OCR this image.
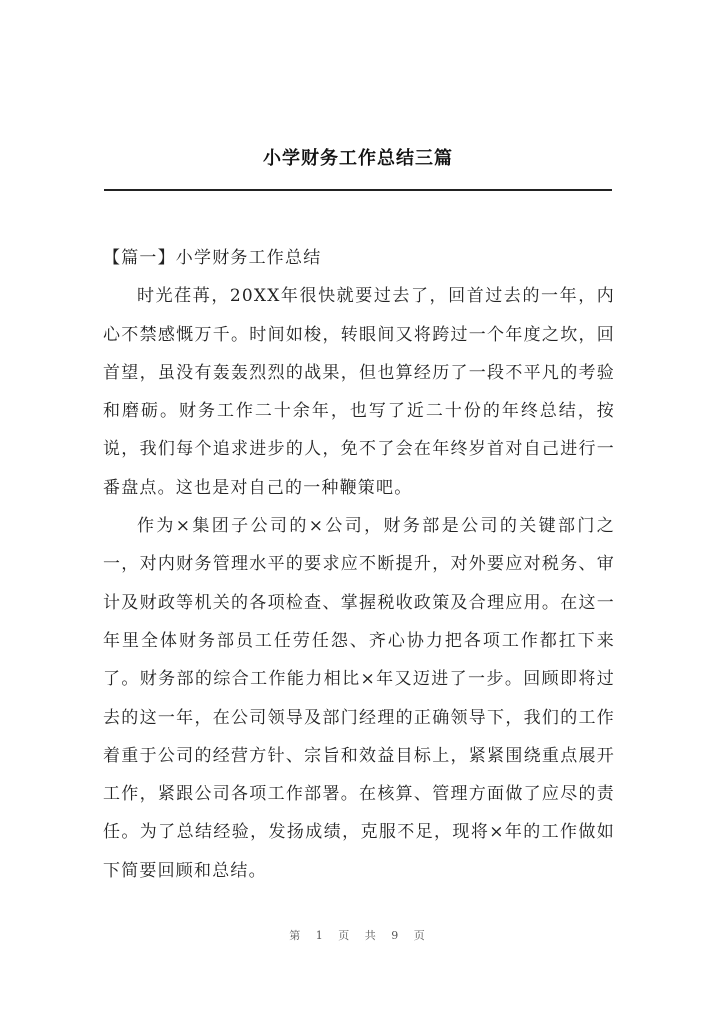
小学财务工作总结三篇

【篇一】小学财务工作总结

时光荏苒，20XX年很快就要过去了，回首过去的一年，内心不禁感慨万千。时间如梭，转眼间又将跨过一个年度之坎，回首望，虽没有轰轰烈烈的战果，但也算经历了一段不平凡的考验和磨砺。财务工作二十余年，也写了近二十份的年终总结，按说，我们每个追求进步的人，免不了会在年终岁首对自己进行一番盘点。这也是对自己的一种鞭策吧。

作为×集团子公司的×公司，财务部是公司的关键部门之一，对内财务管理水平的要求应不断提升，对外要应对税务、审计及财政等机关的各项检查、掌握税收政策及合理应用。在这一年里全体财务部员工任劳任怨、齐心协力把各项工作都扛下来了。财务部的综合工作能力相比×年又迈进了一步。回顾即将过去的这一年，在公司领导及部门经理的正确领导下，我们的工作着重于公司的经营方针、宗旨和效益目标上，紧紧围绕重点展开工作，紧跟公司各项工作部署。在核算、管理方面做了应尽的责任。为了总结经验，发扬成绩，克服不足，现将×年的工作做如下简要回顾和总结。

第 1 页 共 9 页
